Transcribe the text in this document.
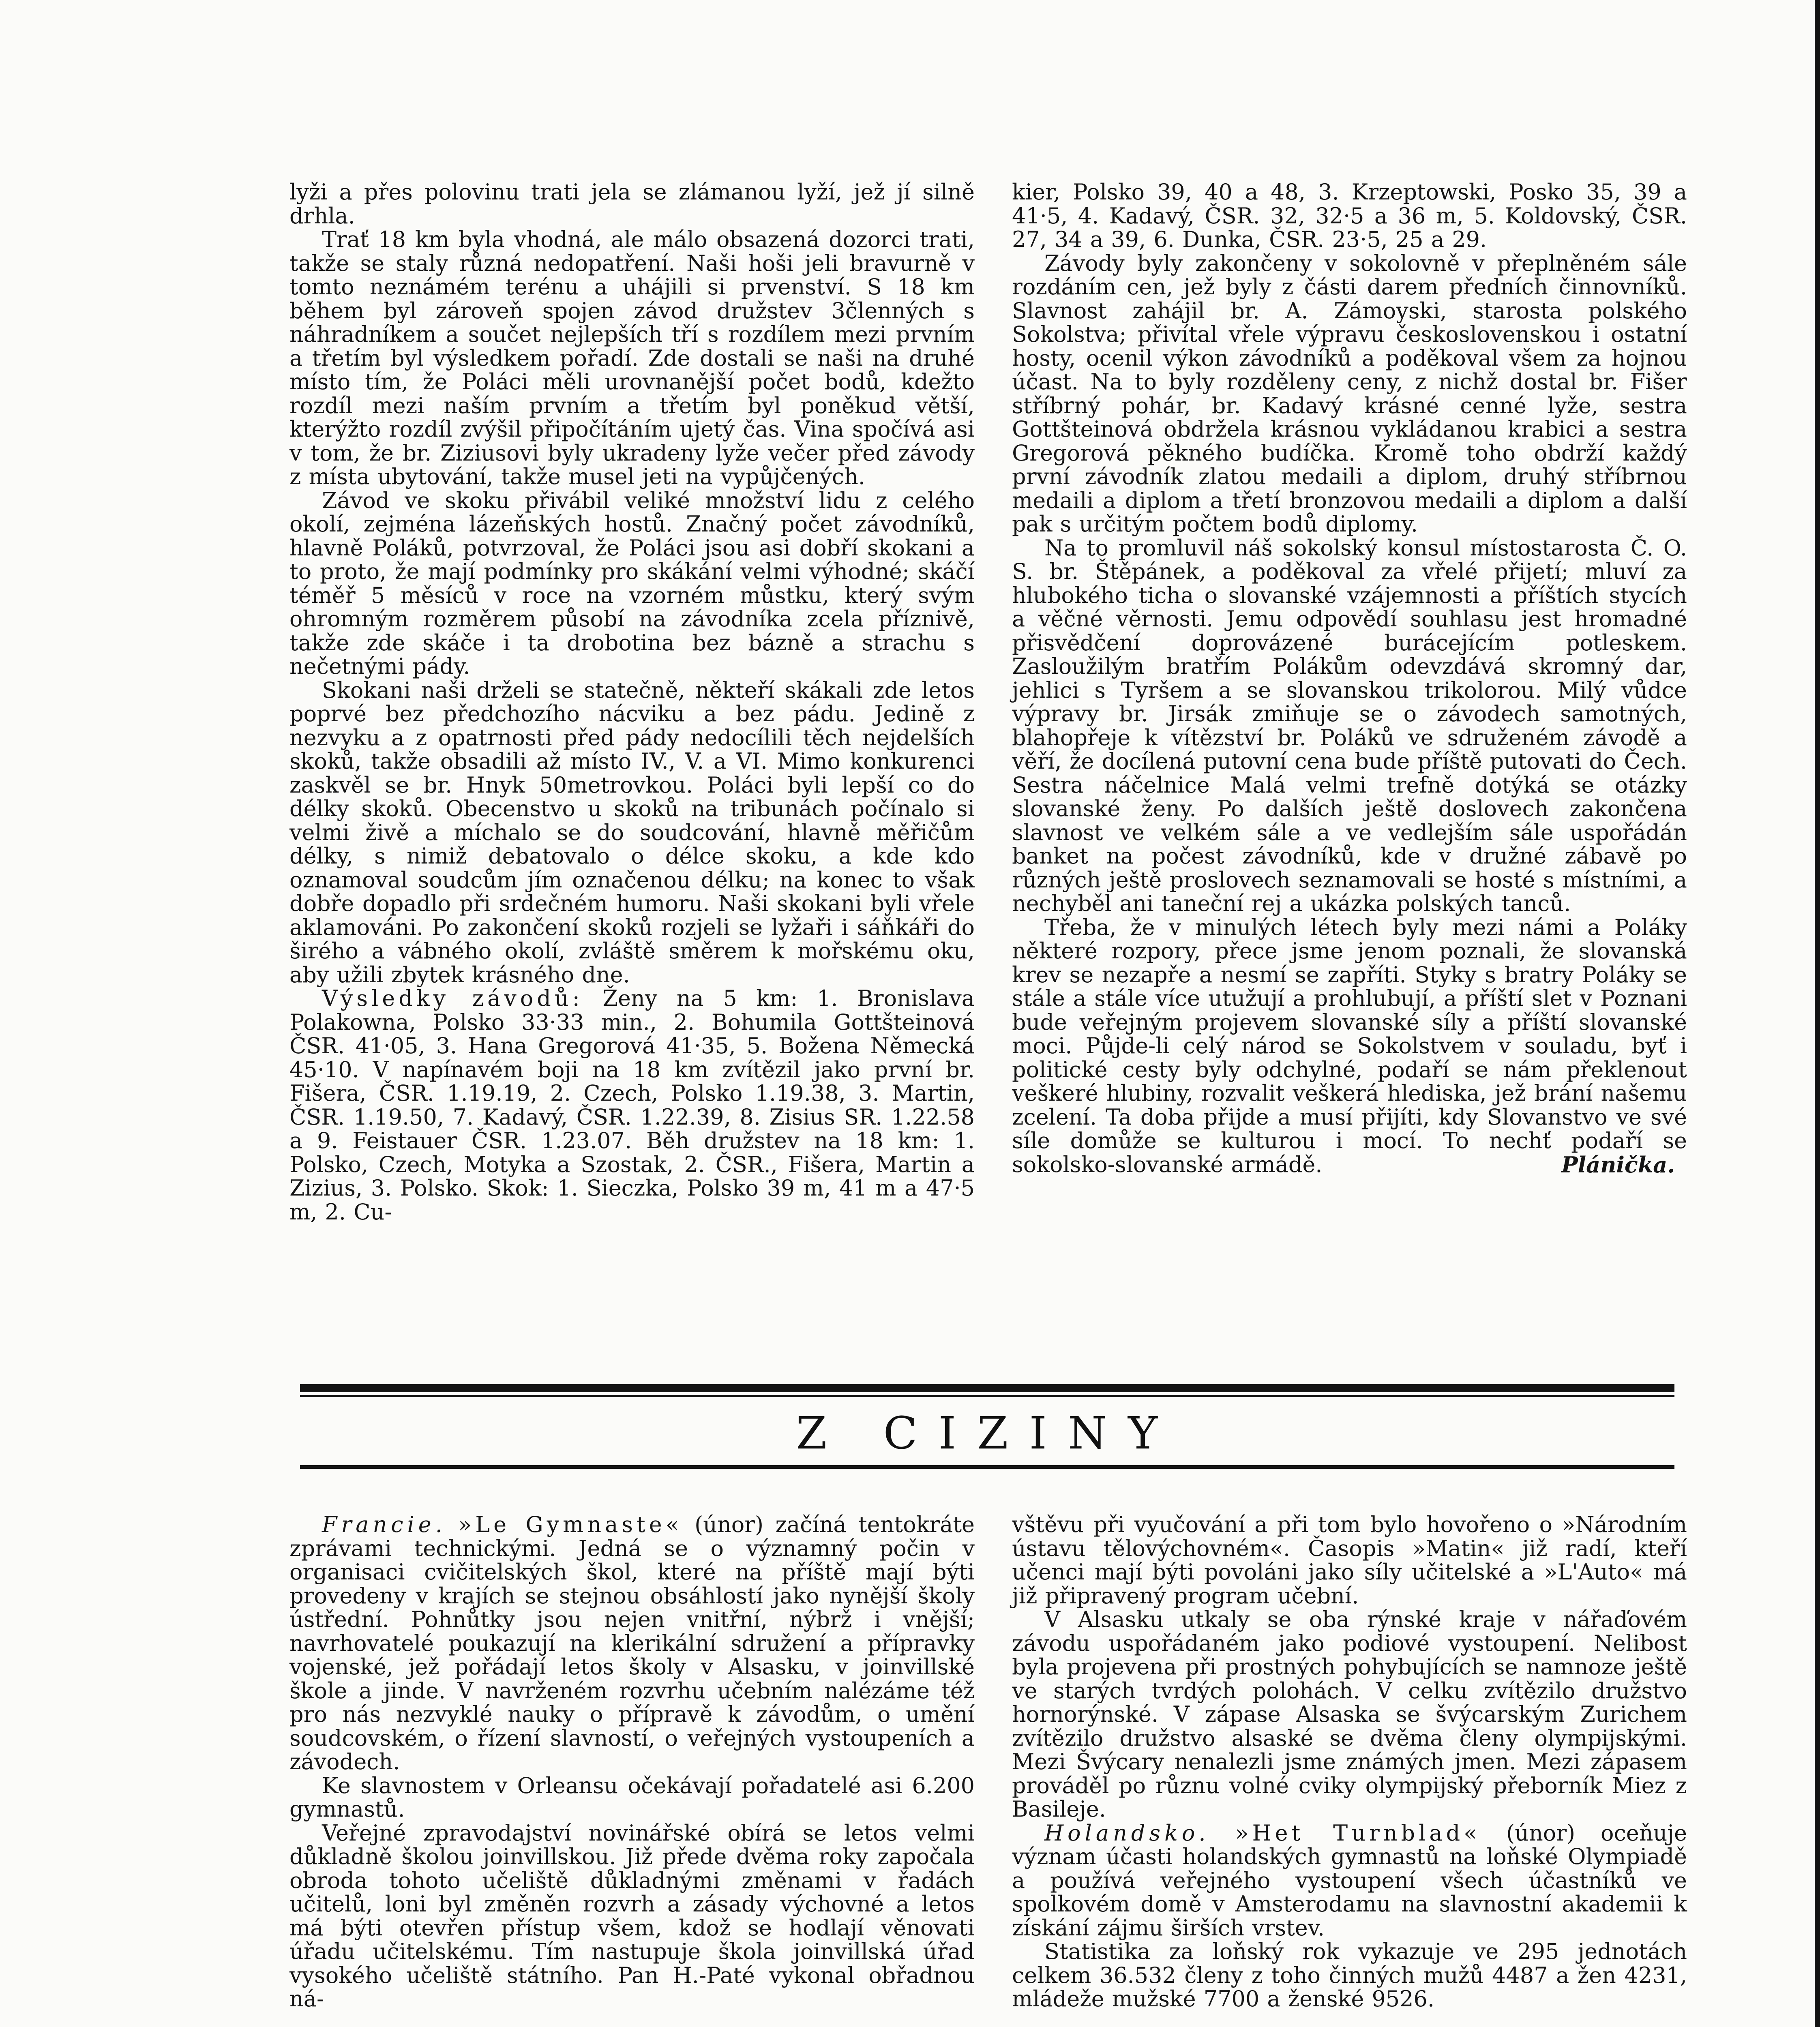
lyži a přes polovinu trati jela se zlámanou lyží, jež jí silně drhla.

Trať 18 km byla vhodná, ale málo obsazená dozorci trati, takže se staly různá nedopatření. Naši hoši jeli bravurně v tomto neznámém terénu a uhájili si prvenství. S 18 km během byl zároveň spojen závod družstev 3členných s náhradníkem a součet nejlepších tří s rozdílem mezi prvním a třetím byl výsledkem pořadí. Zde dostali se naši na druhé místo tím, že Poláci měli urovnanější počet bodů, kdežto rozdíl mezi naším prvním a třetím byl poněkud větší, kterýžto rozdíl zvýšil připočítáním ujetý čas. Vina spočívá asi v tom, že br. Ziziusovi byly ukradeny lyže večer před závody z místa ubytování, takže musel jeti na vypůjčených.

Závod ve skoku přivábil veliké množství lidu z celého okolí, zejména lázeňských hostů. Značný počet závodníků, hlavně Poláků, potvrzoval, že Poláci jsou asi dobří skokani a to proto, že mají podmínky pro skákání velmi výhodné; skáčí téměř 5 měsíců v roce na vzorném můstku, který svým ohromným rozměrem působí na závodníka zcela příznivě, takže zde skáče i ta drobotina bez bázně a strachu s nečetnými pády.

Skokani naši drželi se statečně, někteří skákali zde letos poprvé bez předchozího nácviku a bez pádu. Jedině z nezvyku a z opatrnosti před pády nedocílili těch nejdelších skoků, takže obsadili až místo IV., V. a VI. Mimo konkurenci zaskvěl se br. Hnyk 50metrovkou. Poláci byli lepší co do délky skoků. Obecenstvo u skoků na tribunách počínalo si velmi živě a míchalo se do soudcování, hlavně měřičům délky, s nimiž debatovalo o délce skoku, a kde kdo oznamoval soudcům jím označenou délku; na konec to však dobře dopadlo při srdečném humoru. Naši skokani byli vřele aklamováni. Po zakončení skoků rozjeli se lyžaři i sáňkáři do širého a vábného okolí, zvláště směrem k mořskému oku, aby užili zbytek krásného dne.

Výsledky závodů: Ženy na 5 km: 1. Bronislava Polakowna, Polsko 33·33 min., 2. Bohumila Gottšteinová ČSR. 41·05, 3. Hana Gregorová 41·35, 5. Božena Německá 45·10. V napínavém boji na 18 km zvítězil jako první br. Fišera, ČSR. 1.19.19, 2. Czech, Polsko 1.19.38, 3. Martin, ČSR. 1.19.50, 7. Kadavý, ČSR. 1.22.39, 8. Zisius SR. 1.22.58 a 9. Feistauer ČSR. 1.23.07. Běh družstev na 18 km: 1. Polsko, Czech, Motyka a Szostak, 2. ČSR., Fišera, Martin a Zizius, 3. Polsko. Skok: 1. Sieczka, Polsko 39 m, 41 m a 47·5 m, 2. Cu-

kier, Polsko 39, 40 a 48, 3. Krzeptowski, Posko 35, 39 a 41·5, 4. Kadavý, ČSR. 32, 32·5 a 36 m, 5. Koldovský, ČSR. 27, 34 a 39, 6. Dunka, ČSR. 23·5, 25 a 29.

Závody byly zakončeny v sokolovně v přeplněném sále rozdáním cen, jež byly z části darem předních činnovníků. Slavnost zahájil br. A. Zámoyski, starosta polského Sokolstva; přivítal vřele výpravu československou i ostatní hosty, ocenil výkon závodníků a poděkoval všem za hojnou účast. Na to byly rozděleny ceny, z nichž dostal br. Fišer stříbrný pohár, br. Kadavý krásné cenné lyže, sestra Gottšteinová obdržela krásnou vykládanou krabici a sestra Gregorová pěkného budíčka. Kromě toho obdrží každý první závodník zlatou medaili a diplom, druhý stříbrnou medaili a diplom a třetí bronzovou medaili a diplom a další pak s určitým počtem bodů diplomy.

Na to promluvil náš sokolský konsul místostarosta Č. O. S. br. Štěpánek, a poděkoval za vřelé přijetí; mluví za hlubokého ticha o slovanské vzájemnosti a příštích stycích a věčné věrnosti. Jemu odpovědí souhlasu jest hromadné přisvědčení doprovázené burácejícím potleskem. Zasloužilým bratřím Polákům odevzdává skromný dar, jehlici s Tyršem a se slovanskou trikolorou. Milý vůdce výpravy br. Jirsák zmiňuje se o závodech samotných, blahopřeje k vítězství br. Poláků ve sdruženém závodě a věří, že docílená putovní cena bude příště putovati do Čech. Sestra náčelnice Malá velmi trefně dotýká se otázky slovanské ženy. Po dalších ještě doslovech zakončena slavnost ve velkém sále a ve vedlejším sále uspořádán banket na počest závodníků, kde v družné zábavě po různých ještě proslovech seznamovali se hosté s místními, a nechyběl ani taneční rej a ukázka polských tanců.

Třeba, že v minulých létech byly mezi námi a Poláky některé rozpory, přece jsme jenom poznali, že slovanská krev se nezapře a nesmí se zapříti. Styky s bratry Poláky se stále a stále více utužují a prohlubují, a příští slet v Poznani bude veřejným projevem slovanské síly a příští slovanské moci. Půjde-li celý národ se Sokolstvem v souladu, byť i politické cesty byly odchylné, podaří se nám překlenout veškeré hlubiny, rozvalit veškerá hlediska, jež brání našemu zcelení. Ta doba přijde a musí přijíti, kdy Slovanstvo ve své síle domůže se kulturou i mocí. To nechť podaří se sokolsko-slovanské armádě.	Plánička.

Z CIZINY

Francie. »Le Gymnaste« (únor) začíná tentokráte zprávami technickými. Jedná se o významný počin v organisaci cvičitelských škol, které na příště mají býti provedeny v krajích se stejnou obsáhlostí jako nynější školy ústřední. Pohnůtky jsou nejen vnitřní, nýbrž i vnější; navrhovatelé poukazují na klerikální sdružení a přípravky vojenské, jež pořádají letos školy v Alsasku, v joinvillské škole a jinde. V navrženém rozvrhu učebním nalézáme též pro nás nezvyklé nauky o přípravě k závodům, o umění soudcovském, o řízení slavností, o veřejných vystoupeních a závodech.

Ke slavnostem v Orleansu očekávají pořadatelé asi 6.200 gymnastů.

Veřejné zpravodajství novinářské obírá se letos velmi důkladně školou joinvillskou. Již přede dvěma roky započala obroda tohoto učeliště důkladnými změnami v řadách učitelů, loni byl změněn rozvrh a zásady výchovné a letos má býti otevřen přístup všem, kdož se hodlají věnovati úřadu učitelskému. Tím nastupuje škola joinvillská úřad vysokého učeliště státního. Pan H.-Paté vykonal obřadnou ná-

vštěvu při vyučování a při tom bylo hovořeno o »Národním ústavu tělovýchovném«. Časopis »Matin« již radí, kteří učenci mají býti povoláni jako síly učitelské a »L'Auto« má již připravený program učební.

V Alsasku utkaly se oba rýnské kraje v nářaďovém závodu uspořádaném jako podiové vystoupení. Nelibost byla projevena při prostných pohybujících se namnoze ještě ve starých tvrdých polohách. V celku zvítězilo družstvo hornorýnské. V zápase Alsaska se švýcarským Zurichem zvítězilo družstvo alsaské se dvěma členy olympijskými. Mezi Švýcary nenalezli jsme známých jmen. Mezi zápasem prováděl po různu volné cviky olympijský přeborník Miez z Basileje.

Holandsko. »Het Turnblad« (únor) oceňuje význam účasti holandských gymnastů na loňské Olympiadě a používá veřejného vystoupení všech účastníků ve spolkovém domě v Amsterodamu na slavnostní akademii k získání zájmu širších vrstev.

Statistika za loňský rok vykazuje ve 295 jednotách celkem 36.532 členy z toho činných mužů 4487 a žen 4231, mládeže mužské 7700 a ženské 9526.
